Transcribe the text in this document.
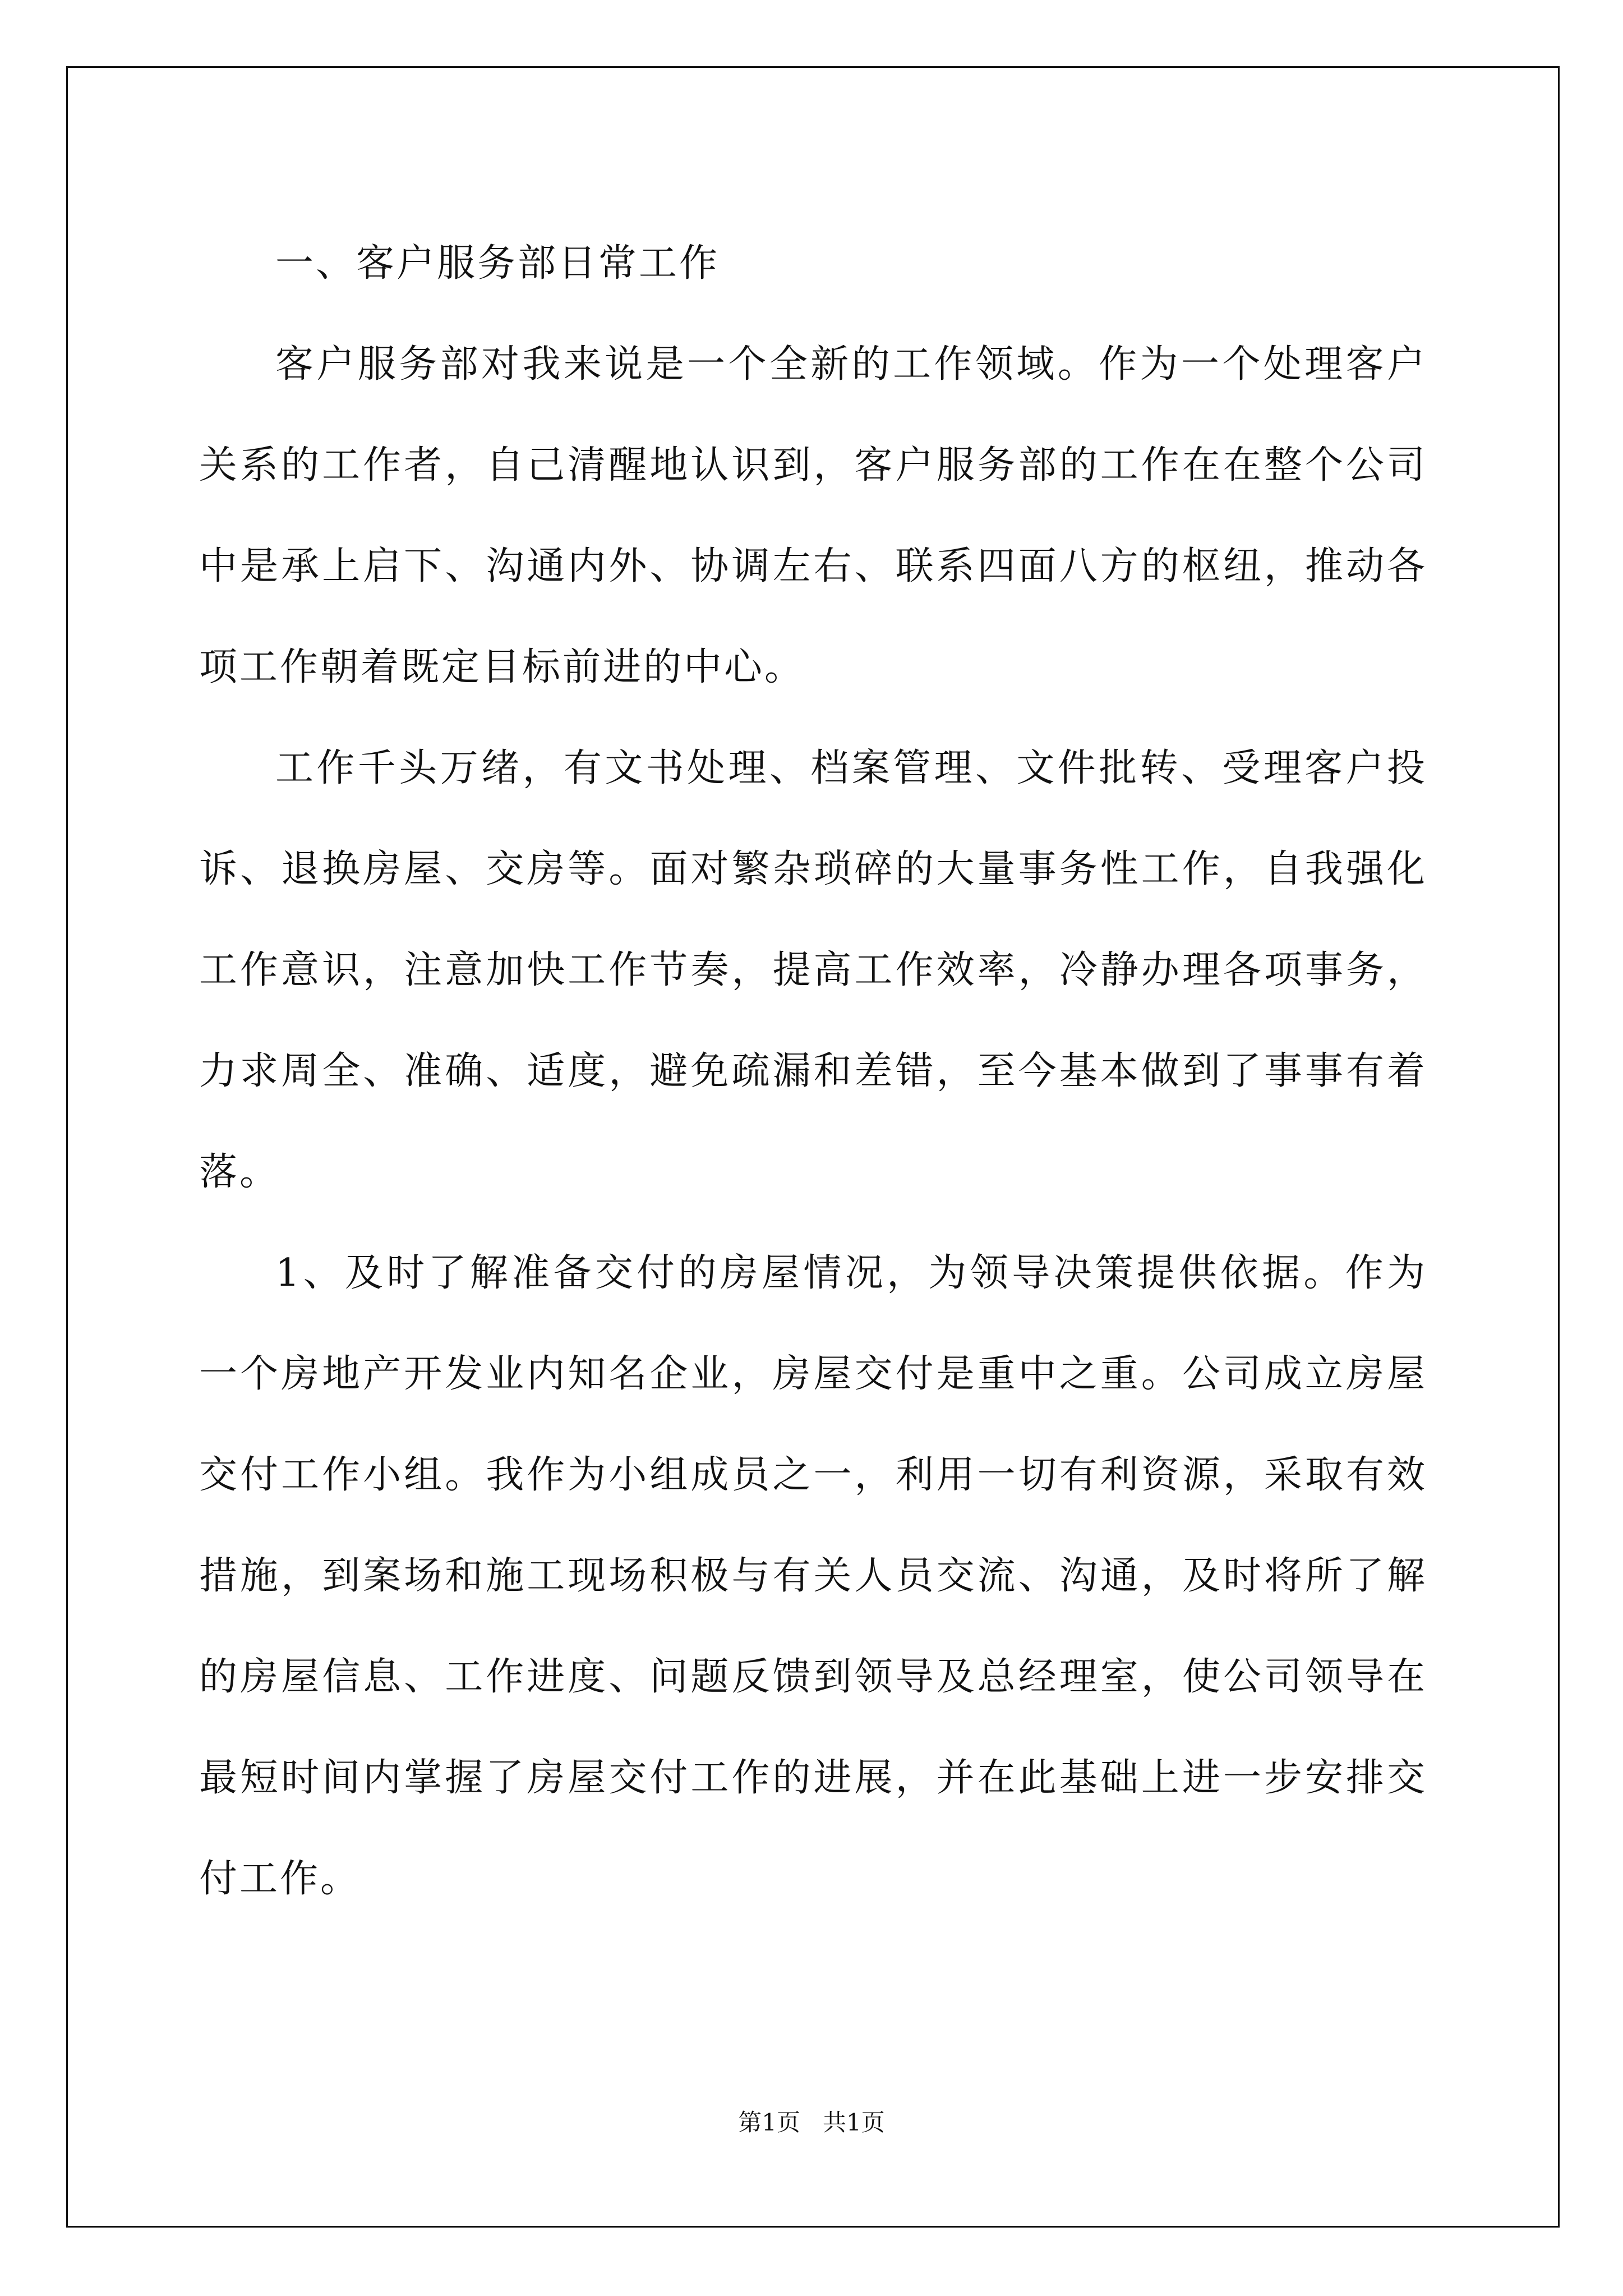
一、客户服务部日常工作

客户服务部对我来说是一个全新的工作领域。作为一个处理客户关系的工作者，自己清醒地认识到，客户服务部的工作在在整个公司中是承上启下、沟通内外、协调左右、联系四面八方的枢纽，推动各项工作朝着既定目标前进的中心。

工作千头万绪，有文书处理、档案管理、文件批转、受理客户投诉、退换房屋、交房等。面对繁杂琐碎的大量事务性工作，自我强化工作意识，注意加快工作节奏，提高工作效率，冷静办理各项事务，力求周全、准确、适度，避免疏漏和差错，至今基本做到了事事有着落。

1、及时了解准备交付的房屋情况，为领导决策提供依据。作为一个房地产开发业内知名企业，房屋交付是重中之重。公司成立房屋交付工作小组。我作为小组成员之一，利用一切有利资源，采取有效措施，到案场和施工现场积极与有关人员交流、沟通，及时将所了解的房屋信息、工作进度、问题反馈到领导及总经理室，使公司领导在最短时间内掌握了房屋交付工作的进展，并在此基础上进一步安排交付工作。

第1页   共1页
